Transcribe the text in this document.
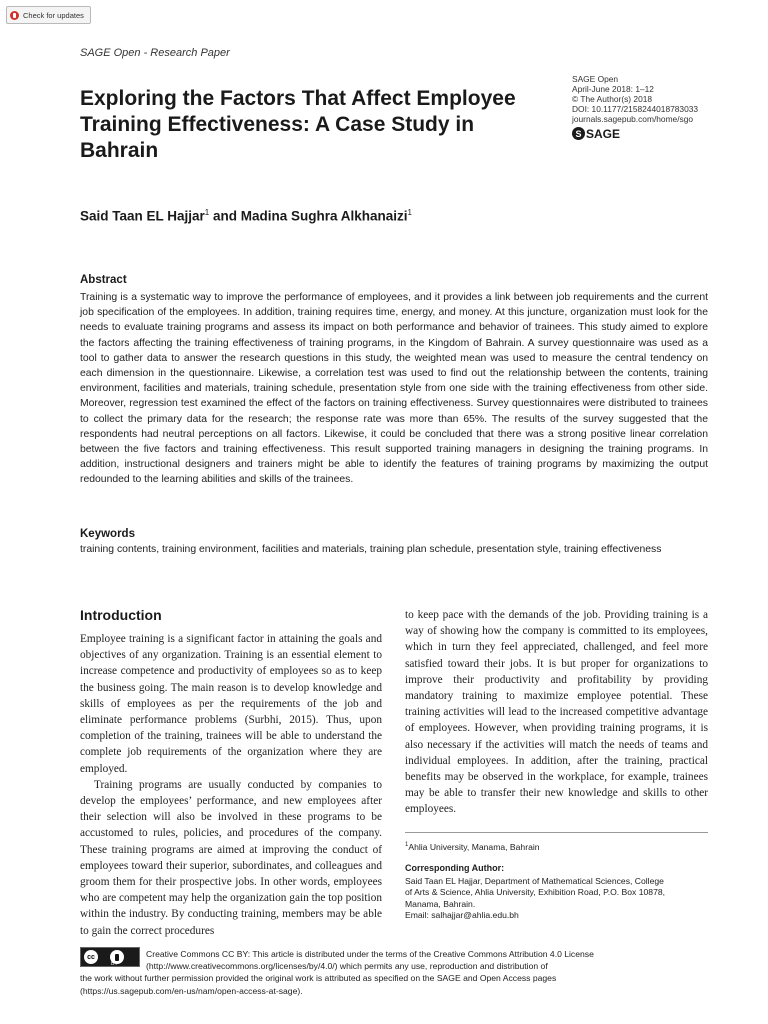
Check for updates
SAGE Open - Research Paper
SAGE Open
April-June 2018: 1–12
© The Author(s) 2018
DOI: 10.1177/2158244018783033
journals.sagepub.com/home/sgo
S SAGE
Exploring the Factors That Affect Employee Training Effectiveness: A Case Study in Bahrain
Said Taan EL Hajjar$^1$ and Madina Sughra Alkhanaizi$^1$
Abstract
Training is a systematic way to improve the performance of employees, and it provides a link between job requirements and the current job specification of the employees. In addition, training requires time, energy, and money. At this juncture, organization must look for the needs to evaluate training programs and assess its impact on both performance and behavior of trainees. This study aimed to explore the factors affecting the training effectiveness of training programs, in the Kingdom of Bahrain. A survey questionnaire was used as a tool to gather data to answer the research questions in this study, the weighted mean was used to measure the central tendency on each dimension in the questionnaire. Likewise, a correlation test was used to find out the relationship between the contents, training environment, facilities and materials, training schedule, presentation style from one side with the training effectiveness from other side. Moreover, regression test examined the effect of the factors on training effectiveness. Survey questionnaires were distributed to trainees to collect the primary data for the research; the response rate was more than 65%. The results of the survey suggested that the respondents had neutral perceptions on all factors. Likewise, it could be concluded that there was a strong positive linear correlation between the five factors and training effectiveness. This result supported training managers in designing the training programs. In addition, instructional designers and trainers might be able to identify the features of training programs by maximizing the output redounded to the learning abilities and skills of the trainees.
Keywords
training contents, training environment, facilities and materials, training plan schedule, presentation style, training effectiveness
Introduction

Employee training is a significant factor in attaining the goals and objectives of any organization. Training is an essential element to increase competence and productivity of employees so as to keep the business going. The main reason is to develop knowledge and skills of employees as per the requirements of the job and eliminate performance problems (Surbhi, 2015). Thus, upon completion of the training, trainees will be able to understand the complete job requirements of the organization where they are employed.

Training programs are usually conducted by companies to develop the employees’ performance, and new employees after their selection will also be involved in these programs to be accustomed to rules, policies, and procedures of the company. These training programs are aimed at improving the conduct of employees toward their superior, subordinates, and colleagues and groom them for their prospective jobs. In other words, employees who are competent may help the organization gain the top position within the industry. By conducting training, members may be able to gain the correct procedures

to keep pace with the demands of the job. Providing training is a way of showing how the company is committed to its employees, which in turn they feel appreciated, challenged, and feel more satisfied toward their jobs. It is but proper for organizations to improve their productivity and profitability by providing mandatory training to maximize employee potential. These training activities will lead to the increased competitive advantage of employees. However, when providing training programs, it is also necessary if the activities will match the needs of teams and individual employees. In addition, after the training, practical benefits may be observed in the workplace, for example, trainees may be able to transfer their new knowledge and skills to other employees.

$^1$Ahlia University, Manama, Bahrain
Corresponding Author:
Said Taan EL Hajjar, Department of Mathematical Sciences, College
of Arts & Science, Ahlia University, Exhibition Road, P.O. Box 10878,
Manama, Bahrain.
Email: salhajjar@ahlia.edu.bh
cc
BY
Creative Commons CC BY: This article is distributed under the terms of the Creative Commons Attribution 4.0 License
(http://www.creativecommons.org/licenses/by/4.0/) which permits any use, reproduction and distribution of
the work without further permission provided the original work is attributed as specified on the SAGE and Open Access pages
(https://us.sagepub.com/en-us/nam/open-access-at-sage).
